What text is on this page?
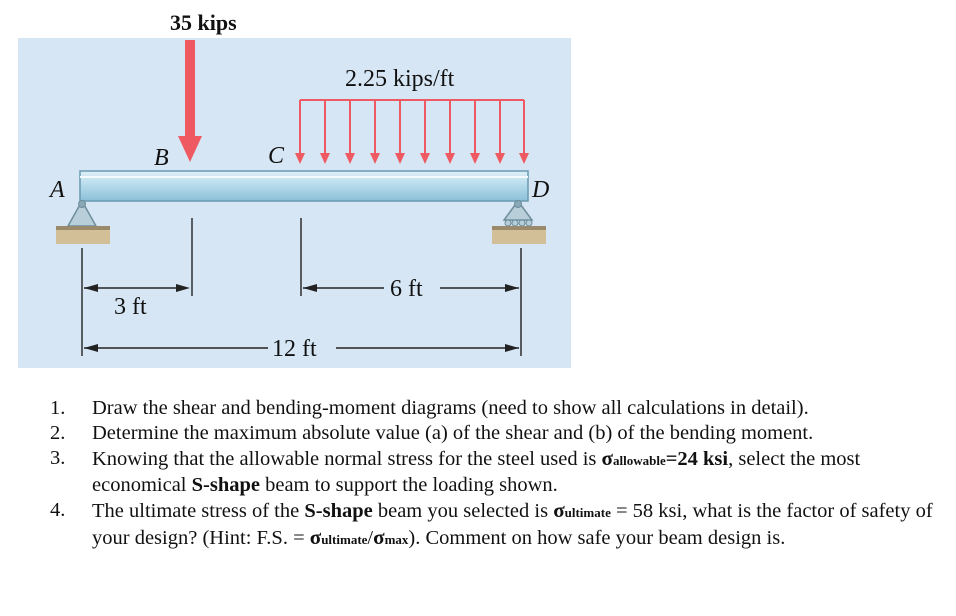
35 kips
2.25 kips/ft
B	C
A	D
3 ft
6 ft
12 ft
1. Draw the shear and bending-moment diagrams (need to show all calculations in detail).
2. Determine the maximum absolute value (a) of the shear and (b) of the bending moment.
3. Knowing that the allowable normal stress for the steel used is σallowable=24 ksi, select the most economical S-shape beam to support the loading shown.
4. The ultimate stress of the S-shape beam you selected is σultimate = 58 ksi, what is the factor of safety of your design? (Hint: F.S. = σultimate/σmax). Comment on how safe your beam design is.
